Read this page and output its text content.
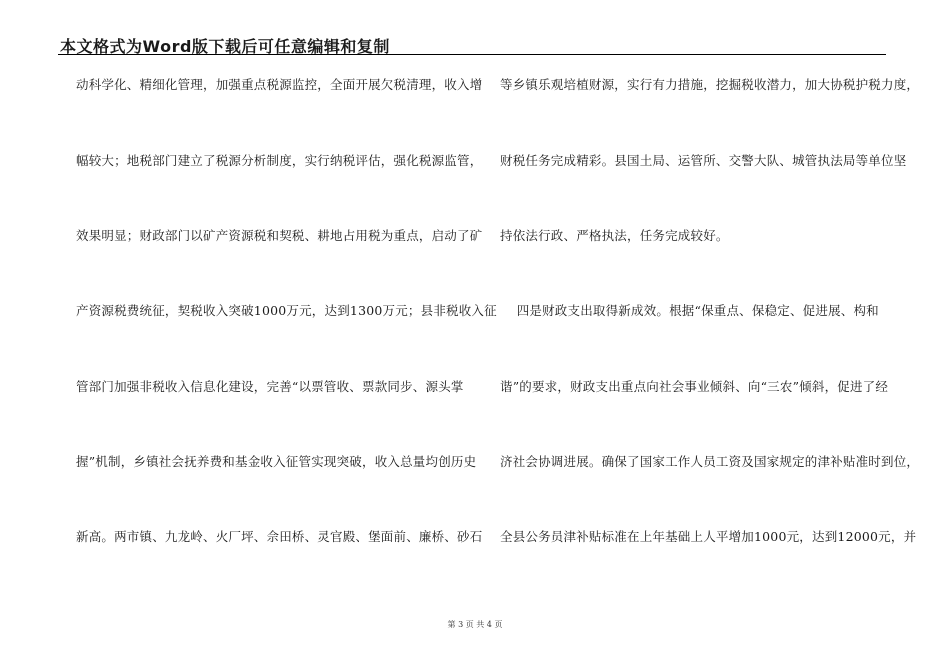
本文格式为Word版下载后可任意编辑和复制
动科学化、精细化管理，加强重点税源监控，全面开展欠税清理，收入增
幅较大；地税部门建立了税源分析制度，实行纳税评估，强化税源监管，
效果明显；财政部门以矿产资源税和契税、耕地占用税为重点，启动了矿
产资源税费统征，契税收入突破1000万元，达到1300万元；县非税收入征
管部门加强非税收入信息化建设，完善“以票管收、票款同步、源头掌
握”机制，乡镇社会抚养费和基金收入征管实现突破，收入总量均创历史
新高。两市镇、九龙岭、火厂坪、佘田桥、灵官殿、堡面前、廉桥、砂石
等乡镇乐观培植财源，实行有力措施，挖掘税收潜力，加大协税护税力度，
财税任务完成精彩。县国土局、运管所、交警大队、城管执法局等单位坚
持依法行政、严格执法，任务完成较好。
四是财政支出取得新成效。根据“保重点、保稳定、促进展、构和
谐”的要求，财政支出重点向社会事业倾斜、向“三农”倾斜，促进了经
济社会协调进展。确保了国家工作人员工资及国家规定的津补贴准时到位，
全县公务员津补贴标准在上年基础上人平增加1000元，达到12000元，并
第 3 页 共 4 页
